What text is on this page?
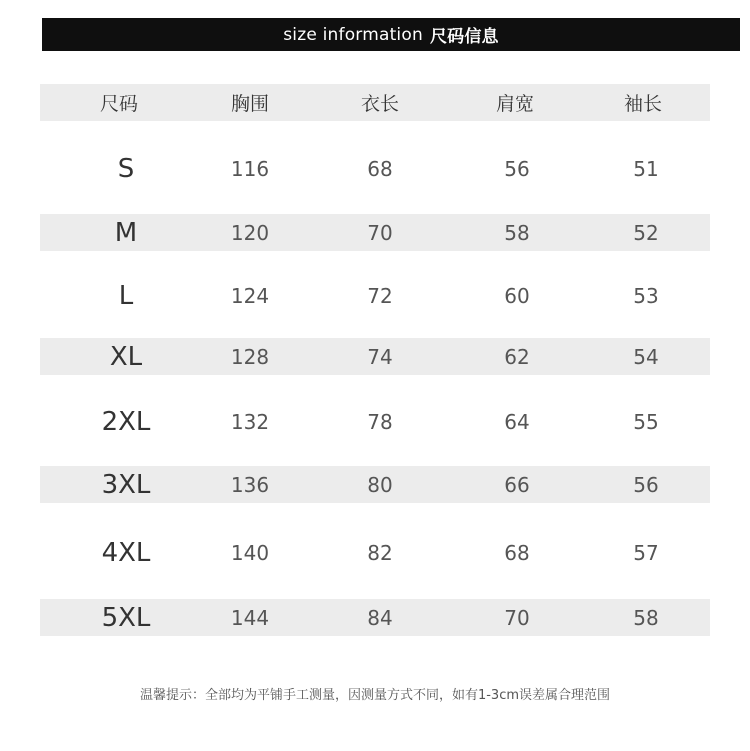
size information 尺码信息
尺码	胸围	衣长	肩宽	袖长
S	116	68	56	51
M	120	70	58	52
L	124	72	60	53
XL	128	74	62	54
2XL	132	78	64	55
3XL	136	80	66	56
4XL	140	82	68	57
5XL	144	84	70	58
温馨提示：全部均为平铺手工测量，因测量方式不同，如有1-3cm误差属合理范围
